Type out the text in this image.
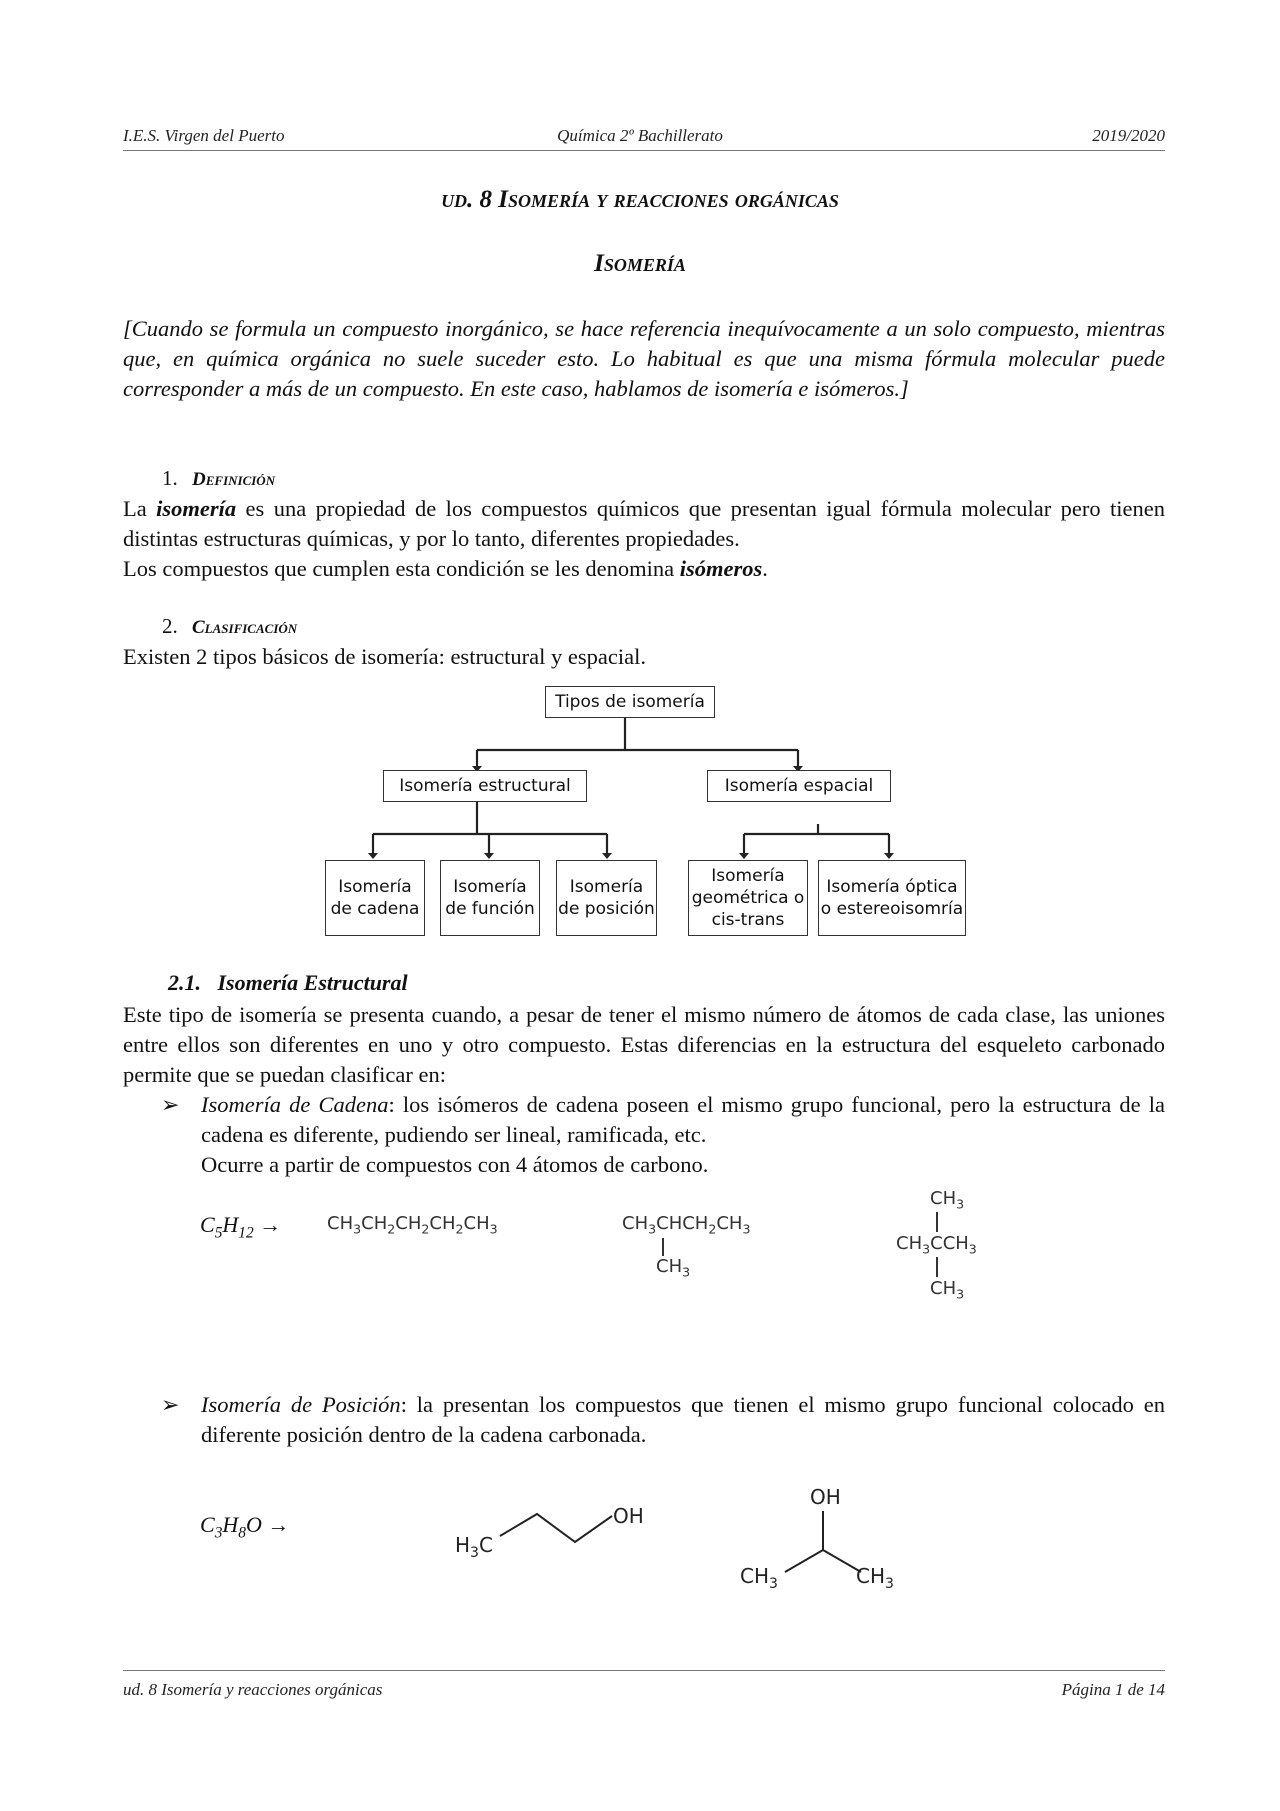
I.E.S. Virgen del Puerto	Química 2º Bachillerato	2019/2020
ud. 8 Isomería y reacciones orgánicas
Isomería

[Cuando se formula un compuesto inorgánico, se hace referencia inequívocamente a un solo compuesto, mientras que, en química orgánica no suele suceder esto. Lo habitual es que una misma fórmula molecular puede corresponder a más de un compuesto. En este caso, hablamos de isomería e isómeros.]

1. Definición

La isomería es una propiedad de los compuestos químicos que presentan igual fórmula molecular pero tienen distintas estructuras químicas, y por lo tanto, diferentes propiedades.

Los compuestos que cumplen esta condición se les denomina isómeros.

2. Clasificación

Existen 2 tipos básicos de isomería: estructural y espacial.

Tipos de isomería
Isomería estructural	Isomería espacial
Isomería de cadena
Isomería de función
Isomería de posición
Isomería geométrica o cis-trans
Isomería óptica o estereoisomría
2.1. Isomería Estructural

Este tipo de isomería se presenta cuando, a pesar de tener el mismo número de átomos de cada clase, las uniones entre ellos son diferentes en uno y otro compuesto. Estas diferencias en la estructura del esqueleto carbonado permite que se puedan clasificar en:

➢ Isomería de Cadena: los isómeros de cadena poseen el mismo grupo funcional, pero la estructura de la cadena es diferente, pudiendo ser lineal, ramificada, etc.

Ocurre a partir de compuestos con 4 átomos de carbono.

$C_5H_{12}$ →	$CH_3CH_2CH_2CH_2CH_3$	$CH_3CHCH_2CH_3$
$CH_3$
$CH_3$
$CH_3CCH_3$
$CH_3$
➢ Isomería de Posición: la presentan los compuestos que tienen el mismo grupo funcional colocado en diferente posición dentro de la cadena carbonada.

$C_3H_8O$ →
$H_3C$
OH
OH
$CH_3$	$CH_3$
ud. 8 Isomería y reacciones orgánicas	Página 1 de 14
